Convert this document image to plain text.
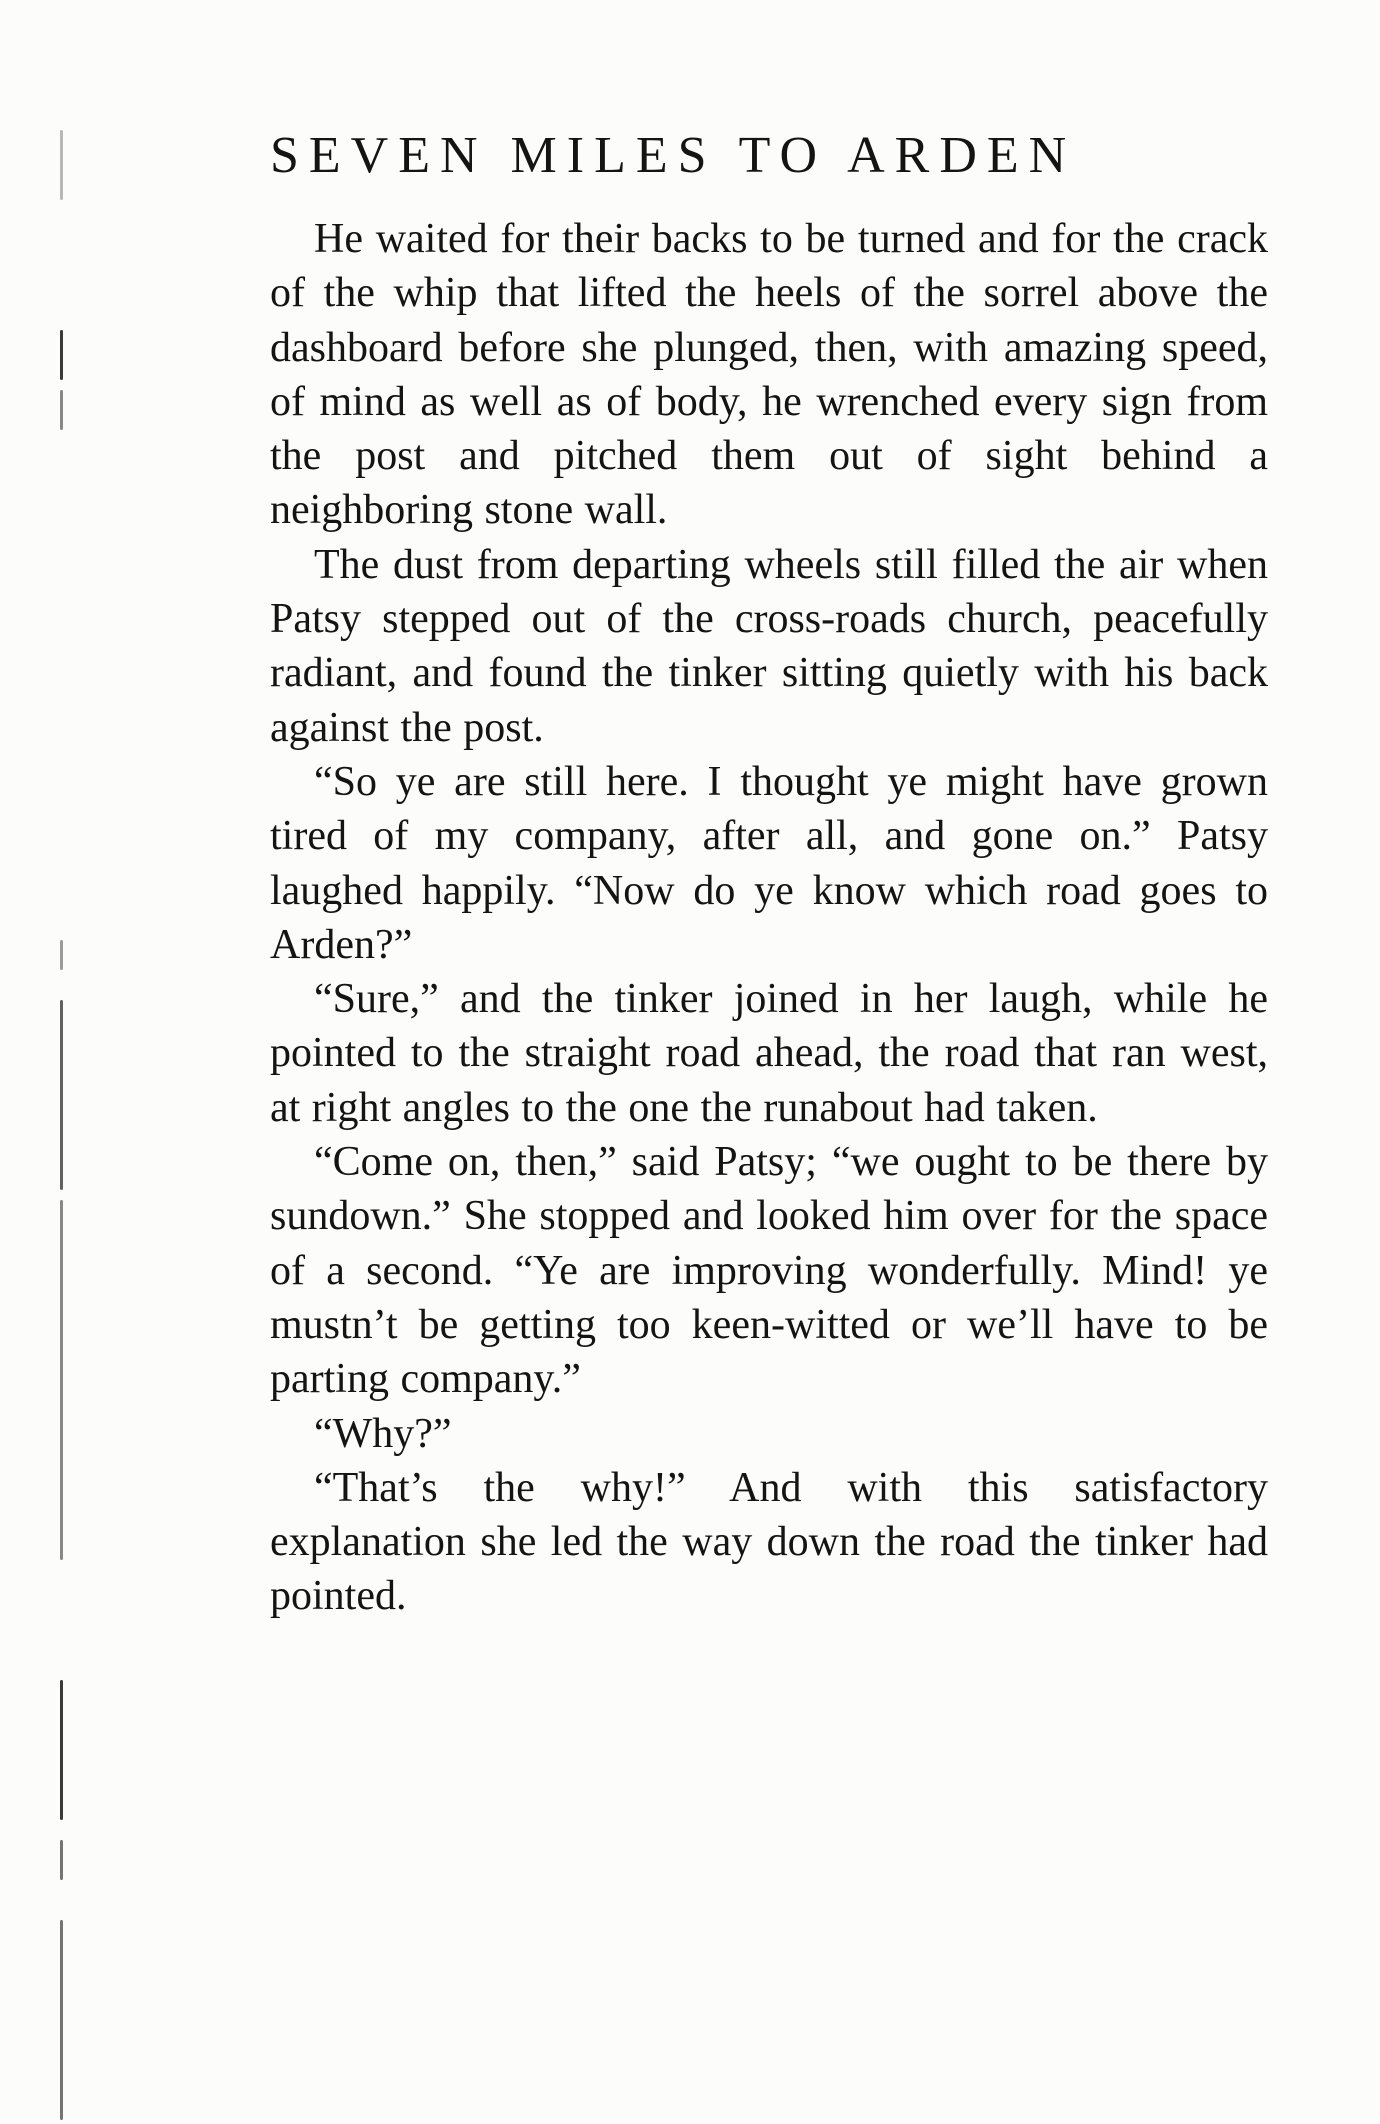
SEVEN MILES TO ARDEN

He waited for their backs to be turned and for the crack of the whip that lifted the heels of the sorrel above the dashboard before she plunged, then, with amazing speed, of mind as well as of body, he wrenched every sign from the post and pitched them out of sight behind a neighboring stone wall.

The dust from departing wheels still filled the air when Patsy stepped out of the cross-roads church, peacefully radiant, and found the tinker sitting quietly with his back against the post.

“So ye are still here. I thought ye might have grown tired of my company, after all, and gone on.” Patsy laughed happily. “Now do ye know which road goes to Arden?”

“Sure,” and the tinker joined in her laugh, while he pointed to the straight road ahead, the road that ran west, at right angles to the one the runabout had taken.

“Come on, then,” said Patsy; “we ought to be there by sundown.” She stopped and looked him over for the space of a second. “Ye are improving wonderfully. Mind! ye mustn’t be getting too keen-witted or we’ll have to be parting company.”

“Why?”

“That’s the why!” And with this satisfactory explanation she led the way down the road the tinker had pointed.
